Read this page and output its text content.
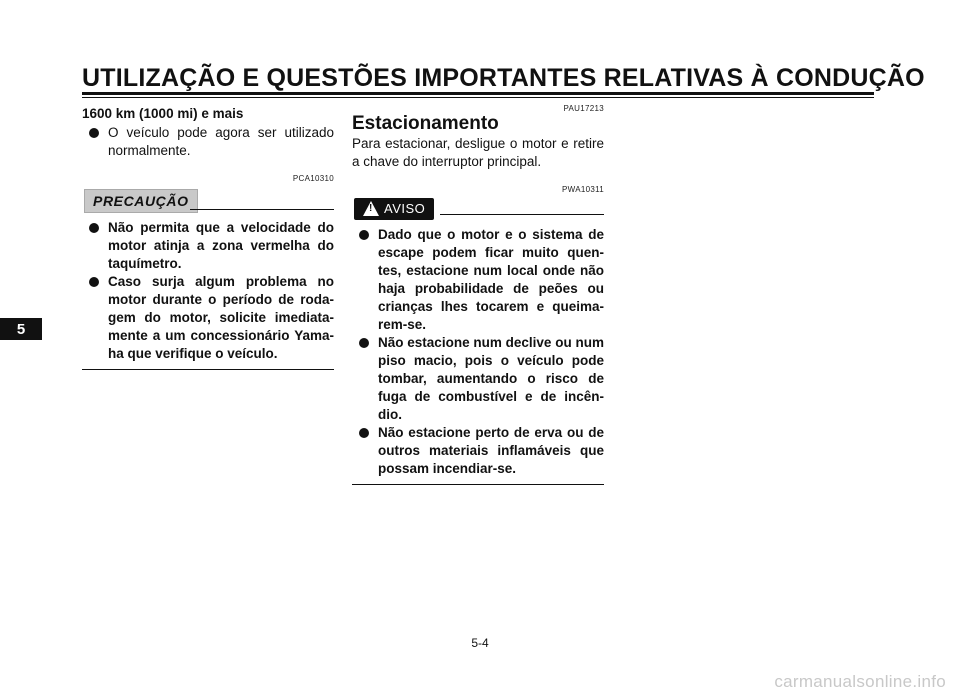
UTILIZAÇÃO E QUESTÕES IMPORTANTES RELATIVAS À CONDUÇÃO
5
1600 km (1000 mi) e mais
O veículo pode agora ser utilizado normalmente.
PCA10310
PRECAUÇÃO
Não permita que a velocidade do motor atinja a zona vermelha do taquímetro.
Caso surja algum problema no motor durante o período de roda-gem do motor, solicite imediata-mente a um concessionário Yama-ha que verifique o veículo.
PAU17213
Estacionamento
Para estacionar, desligue o motor e retire a chave do interruptor principal.
PWA10311
! AVISO
Dado que o motor e o sistema de escape podem ficar muito quen-tes, estacione num local onde não haja probabilidade de peões ou crianças lhes tocarem e queima-rem-se.
Não estacione num declive ou num piso macio, pois o veículo pode tombar, aumentando o risco de fuga de combustível e de incên-dio.
Não estacione perto de erva ou de outros materiais inflamáveis que possam incendiar-se.
5-4
carmanualsonline.info
